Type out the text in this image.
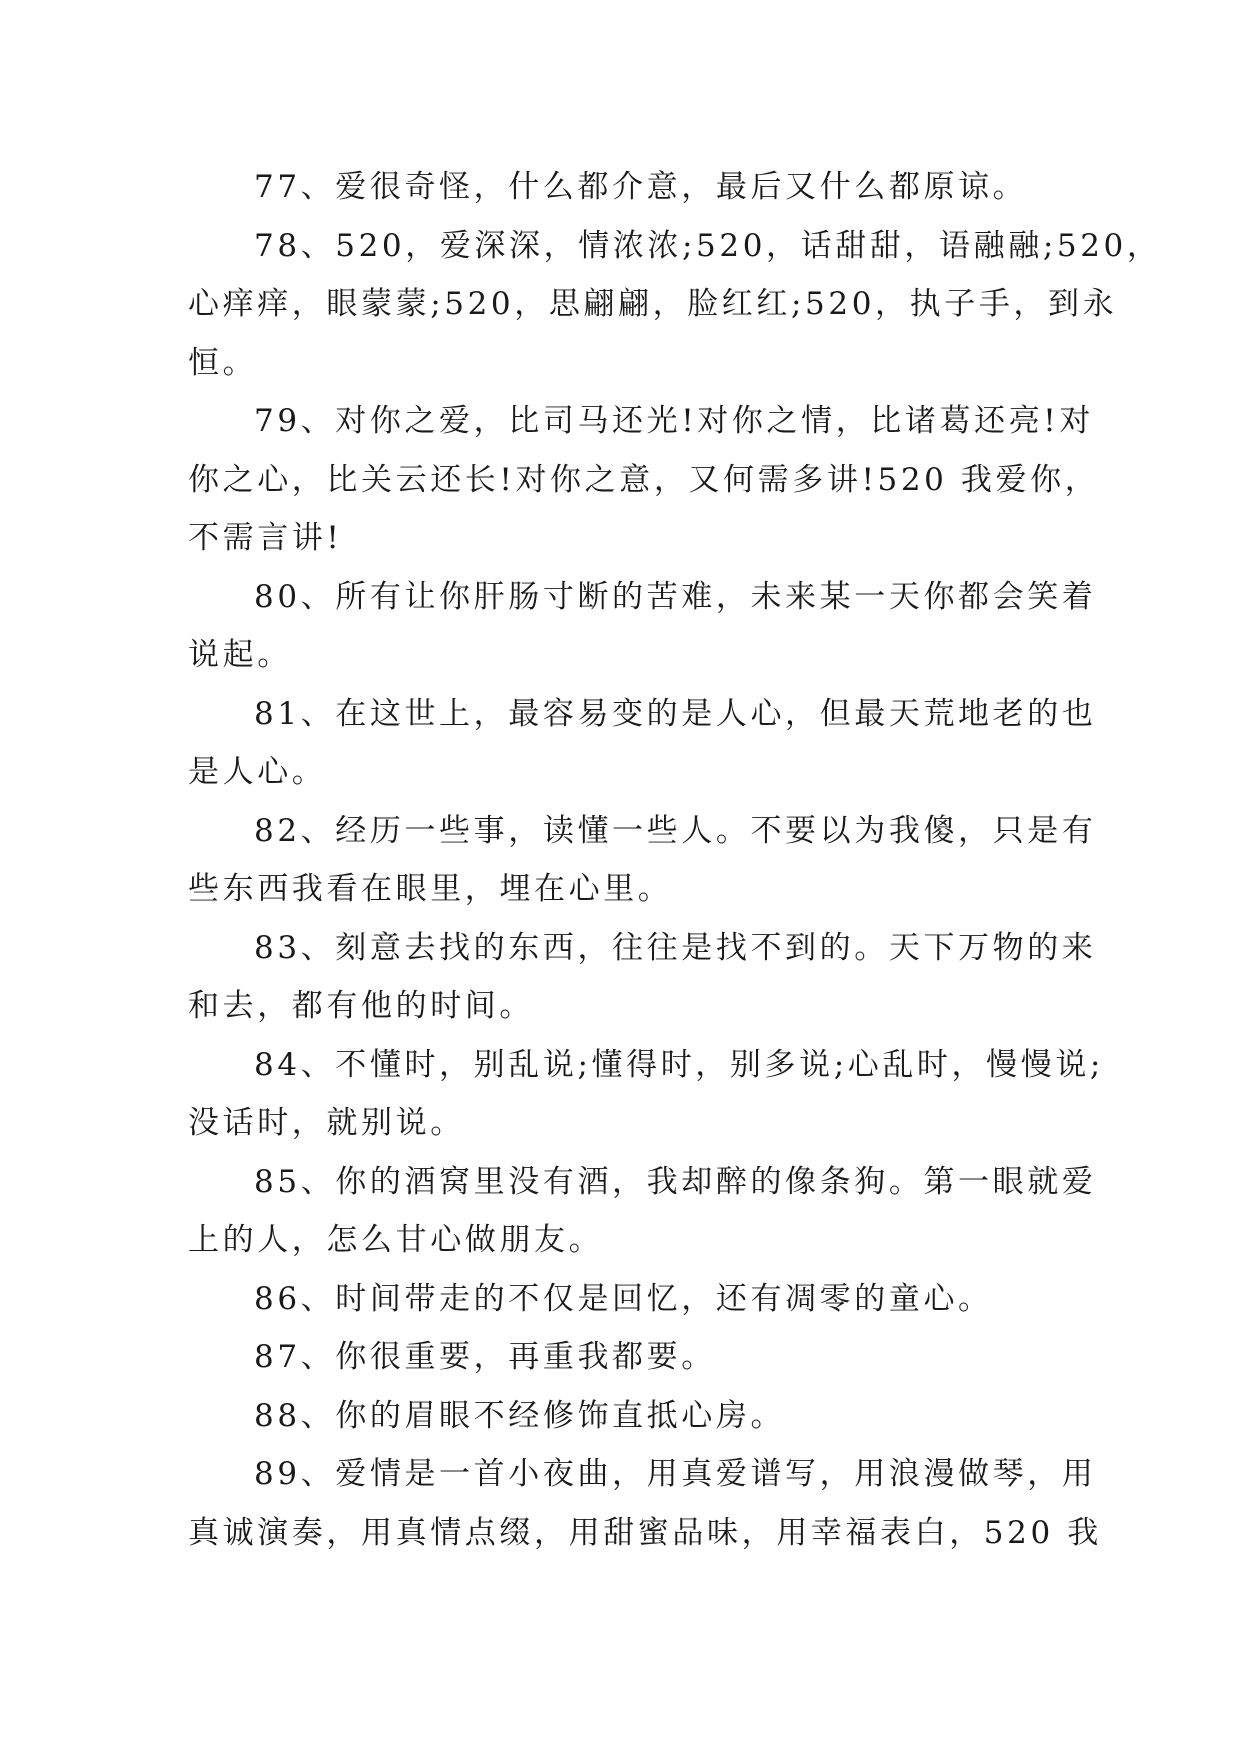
77、爱很奇怪，什么都介意，最后又什么都原谅。

78、520，爱深深，情浓浓;520，话甜甜，语融融;520，
心痒痒，眼蒙蒙;520，思翩翩，脸红红;520，执子手，到永
恒。

79、对你之爱，比司马还光!对你之情，比诸葛还亮!对
你之心，比关云还长!对你之意，又何需多讲!520 我爱你，
不需言讲!

80、所有让你肝肠寸断的苦难，未来某一天你都会笑着
说起。

81、在这世上，最容易变的是人心，但最天荒地老的也
是人心。

82、经历一些事，读懂一些人。不要以为我傻，只是有
些东西我看在眼里，埋在心里。

83、刻意去找的东西，往往是找不到的。天下万物的来
和去，都有他的时间。

84、不懂时，别乱说;懂得时，别多说;心乱时，慢慢说;
没话时，就别说。

85、你的酒窝里没有酒，我却醉的像条狗。第一眼就爱
上的人，怎么甘心做朋友。

86、时间带走的不仅是回忆，还有凋零的童心。

87、你很重要，再重我都要。

88、你的眉眼不经修饰直抵心房。

89、爱情是一首小夜曲，用真爱谱写，用浪漫做琴，用
真诚演奏，用真情点缀，用甜蜜品味，用幸福表白，520 我
